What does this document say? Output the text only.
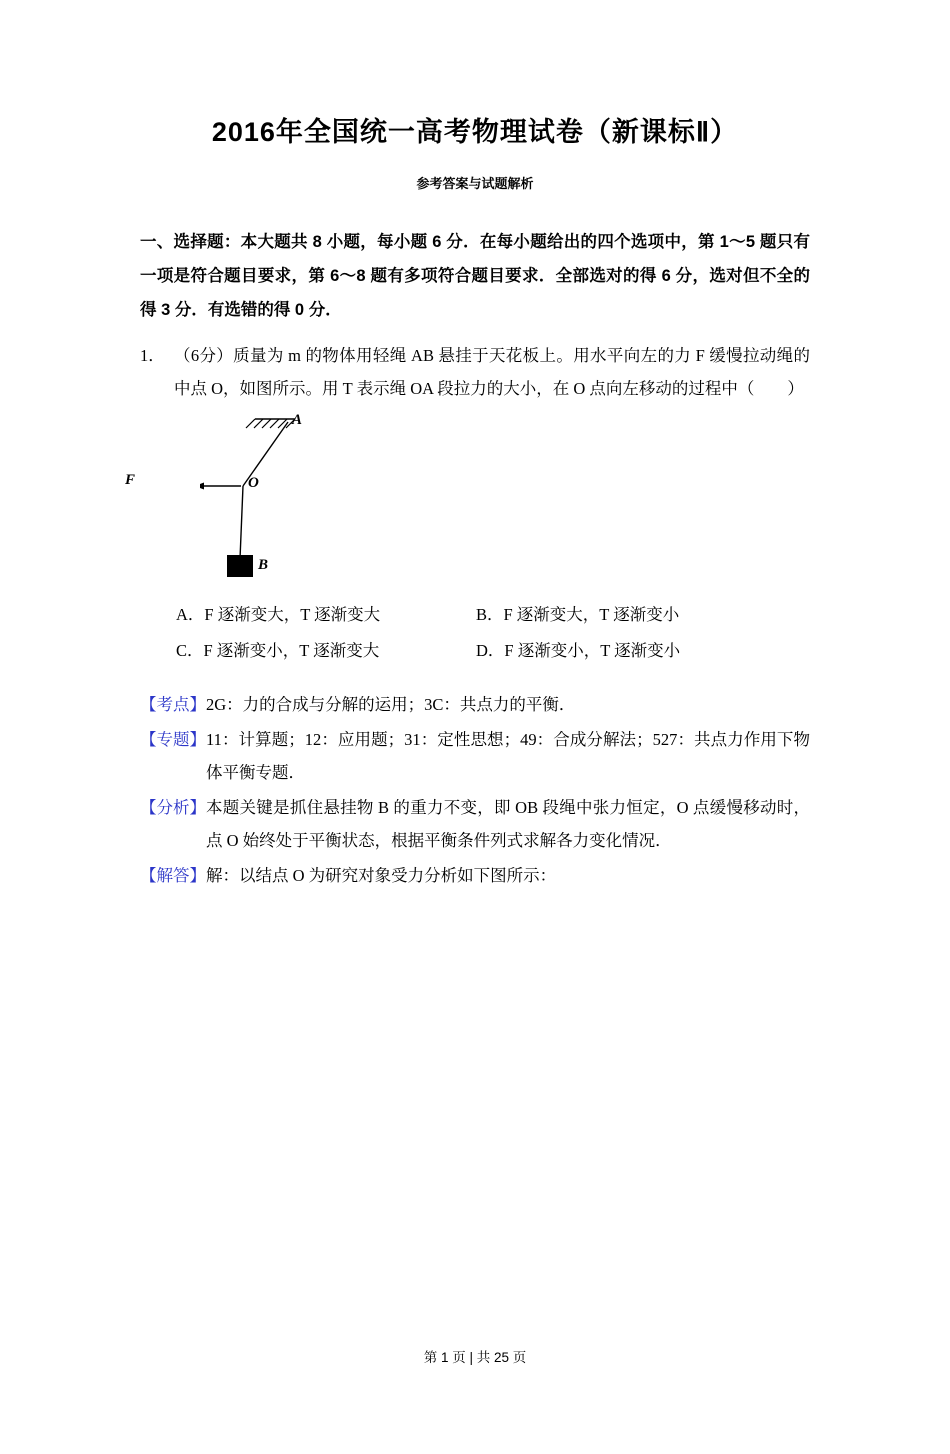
2016年全国统一高考物理试卷（新课标Ⅱ）
参考答案与试题解析
一、选择题：本大题共 8 小题，每小题 6 分．在每小题给出的四个选项中，第 1～5 题只有一项是符合题目要求，第 6～8 题有多项符合题目要求．全部选对的得 6 分，选对但不全的得 3 分．有选错的得 0 分．
1． （6分）质量为 m 的物体用轻绳 AB 悬挂于天花板上。用水平向左的力 F 缓慢拉动绳的中点 O，如图所示。用 T 表示绳 OA 段拉力的大小，在 O 点向左移动的过程中（　　）
A
F	O
B
A．F 逐渐变大，T 逐渐变大	B．F 逐渐变大，T 逐渐变小
C．F 逐渐变小，T 逐渐变大	D．F 逐渐变小，T 逐渐变小
【考点】 2G：力的合成与分解的运用；3C：共点力的平衡．
【专题】 11：计算题；12：应用题；31：定性思想；49：合成分解法；527：共点力作用下物体平衡专题．
【分析】 本题关键是抓住悬挂物 B 的重力不变，即 OB 段绳中张力恒定，O 点缓慢移动时，点 O 始终处于平衡状态，根据平衡条件列式求解各力变化情况．
【解答】 解：以结点 O 为研究对象受力分析如下图所示：
第 1 页 | 共 25 页
